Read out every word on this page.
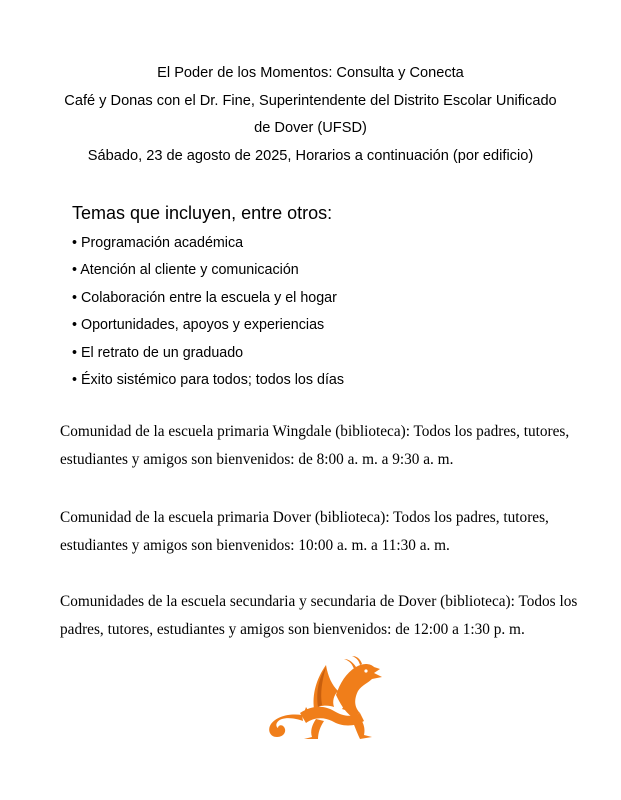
El Poder de los Momentos: Consulta y Conecta
Café y Donas con el Dr. Fine, Superintendente del Distrito Escolar Unificado
de Dover (UFSD)
Sábado, 23 de agosto de 2025, Horarios a continuación (por edificio)
Temas que incluyen, entre otros:
• Programación académica
• Atención al cliente y comunicación
• Colaboración entre la escuela y el hogar
• Oportunidades, apoyos y experiencias
• El retrato de un graduado
• Éxito sistémico para todos; todos los días
Comunidad de la escuela primaria Wingdale (biblioteca): Todos los padres, tutores, estudiantes y amigos son bienvenidos: de 8:00 a. m. a 9:30 a. m.
Comunidad de la escuela primaria Dover (biblioteca): Todos los padres, tutores, estudiantes y amigos son bienvenidos: 10:00 a. m. a 11:30 a. m.
Comunidades de la escuela secundaria y secundaria de Dover (biblioteca): Todos los padres, tutores, estudiantes y amigos son bienvenidos: de 12:00 a 1:30 p. m.
